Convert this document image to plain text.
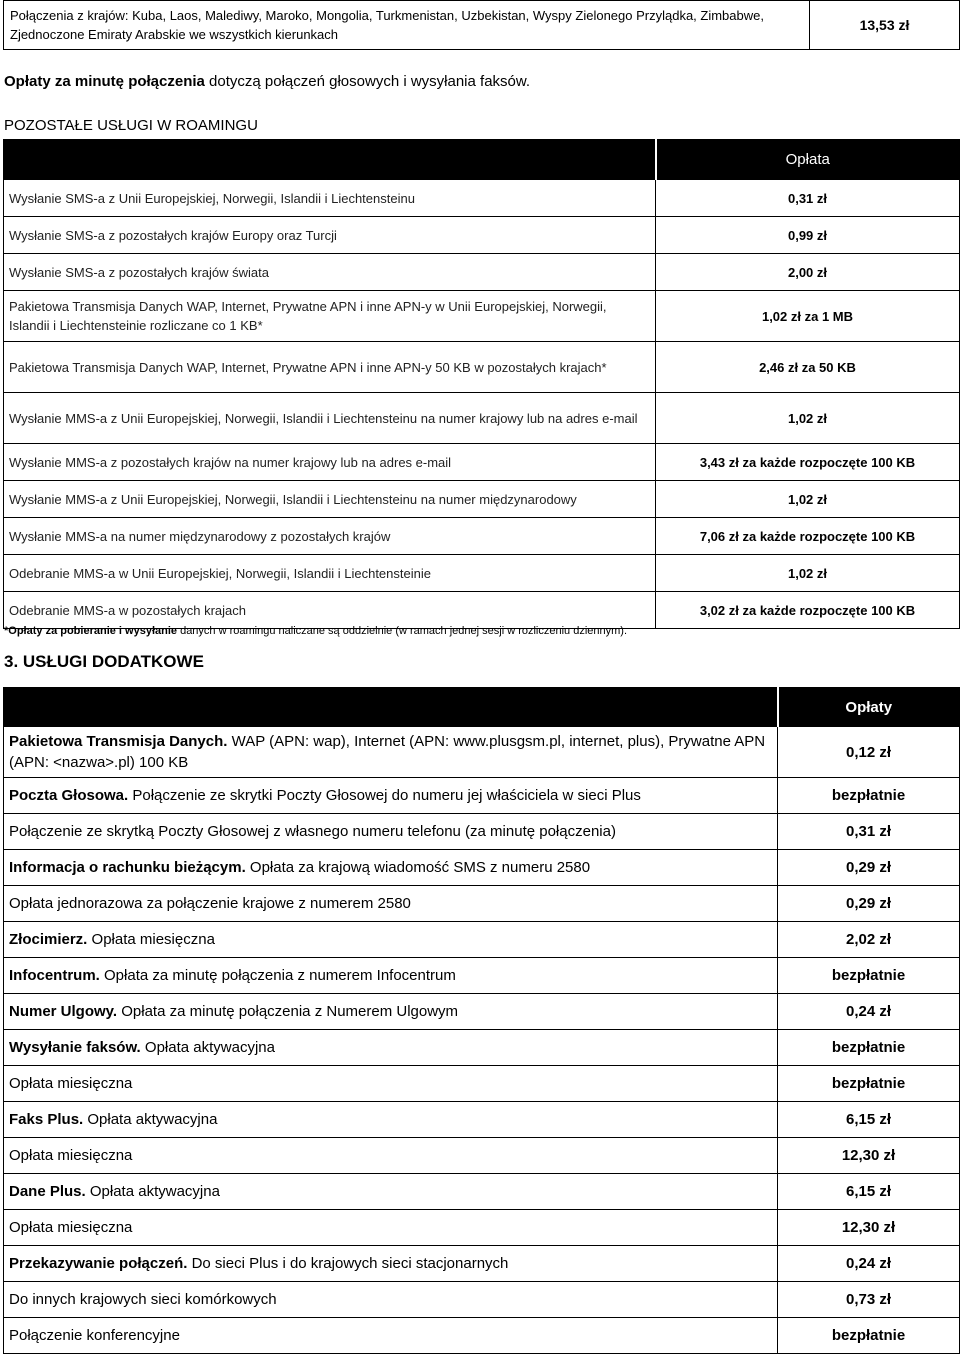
Połączenia z krajów: Kuba, Laos, Malediwy, Maroko, Mongolia, Turkmenistan, Uzbekistan, Wyspy Zielonego Przylądka, Zimbabwe, Zjednoczone Emiraty Arabskie we wszystkich kierunkach	13,53 zł
Opłaty za minutę połączenia dotyczą połączeń głosowych i wysyłania faksów.
POZOSTAŁE USŁUGI W ROAMINGU
	Opłata
Wysłanie SMS-a z Unii Europejskiej, Norwegii, Islandii i Liechtensteinu	0,31 zł
Wysłanie SMS-a z pozostałych krajów Europy oraz Turcji	0,99 zł
Wysłanie SMS-a z pozostałych krajów świata	2,00 zł
Pakietowa Transmisja Danych WAP, Internet, Prywatne APN i inne APN-y w Unii Europejskiej, Norwegii, Islandii i Liechtensteinie rozliczane co 1 KB*	1,02 zł za 1 MB
Pakietowa Transmisja Danych WAP, Internet, Prywatne APN i inne APN-y 50 KB w pozostałych krajach*	2,46 zł za 50 KB
Wysłanie MMS-a z Unii Europejskiej, Norwegii, Islandii i Liechtensteinu na numer krajowy lub na adres e-mail	1,02 zł
Wysłanie MMS-a z pozostałych krajów na numer krajowy lub na adres e-mail	3,43 zł za każde rozpoczęte 100 KB
Wysłanie MMS-a z Unii Europejskiej, Norwegii, Islandii i Liechtensteinu na numer międzynarodowy	1,02 zł
Wysłanie MMS-a na numer międzynarodowy z pozostałych krajów	7,06 zł za każde rozpoczęte 100 KB
Odebranie MMS-a w Unii Europejskiej, Norwegii, Islandii i Liechtensteinie	1,02 zł
Odebranie MMS-a w pozostałych krajach	3,02 zł za każde rozpoczęte 100 KB
*Opłaty za pobieranie i wysyłanie danych w roamingu naliczane są oddzielnie (w ramach jednej sesji w rozliczeniu dziennym).
3. USŁUGI DODATKOWE
	Opłaty
Pakietowa Transmisja Danych. WAP (APN: wap), Internet (APN: www.plusgsm.pl, internet, plus), Prywatne APN (APN: <nazwa>.pl) 100 KB	0,12 zł
Poczta Głosowa. Połączenie ze skrytki Poczty Głosowej do numeru jej właściciela w sieci Plus	bezpłatnie
Połączenie ze skrytką Poczty Głosowej z własnego numeru telefonu (za minutę połączenia)	0,31 zł
Informacja o rachunku bieżącym. Opłata za krajową wiadomość SMS z numeru 2580	0,29 zł
Opłata jednorazowa za połączenie krajowe z numerem 2580	0,29 zł
Złocimierz. Opłata miesięczna	2,02 zł
Infocentrum. Opłata za minutę połączenia z numerem Infocentrum	bezpłatnie
Numer Ulgowy. Opłata za minutę połączenia z Numerem Ulgowym	0,24 zł
Wysyłanie faksów. Opłata aktywacyjna	bezpłatnie
Opłata miesięczna	bezpłatnie
Faks Plus. Opłata aktywacyjna	6,15 zł
Opłata miesięczna	12,30 zł
Dane Plus. Opłata aktywacyjna	6,15 zł
Opłata miesięczna	12,30 zł
Przekazywanie połączeń. Do sieci Plus i do krajowych sieci stacjonarnych	0,24 zł
Do innych krajowych sieci komórkowych	0,73 zł
Połączenie konferencyjne	bezpłatnie
